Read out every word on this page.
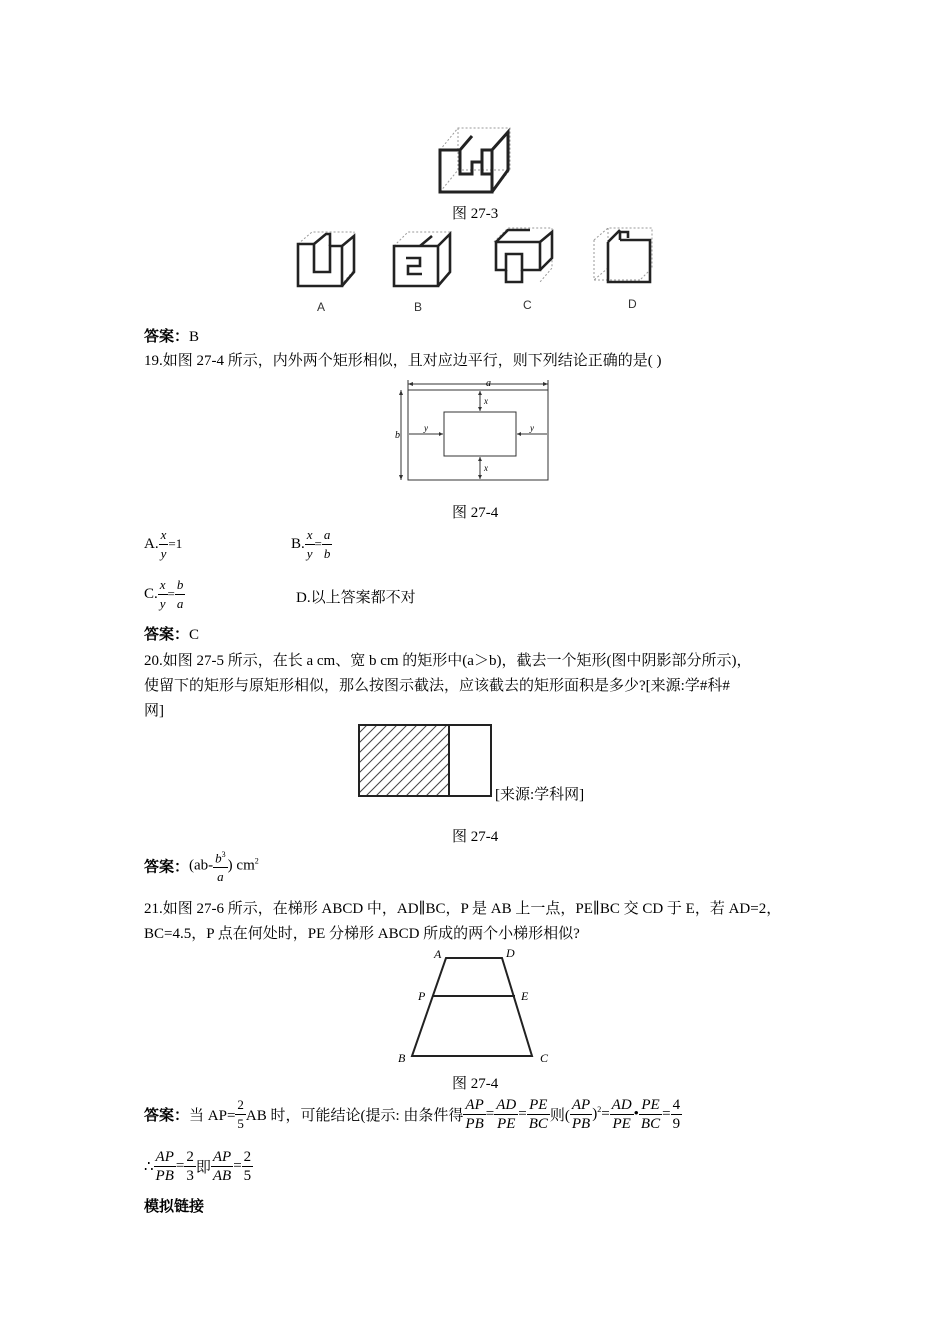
图 27-3
A	B	C	D
答案：B
19.如图 27-4 所示，内外两个矩形相似，且对应边平行，则下列结论正确的是( )
a
b
x
x
y	y
图 27-4
A. $\frac{x}{y} =1$	B. $\frac{x}{y} = \frac{a}{b}$
C. $\frac{x}{y} = \frac{b}{a}$	D.以上答案都不对
答案：C
20.如图 27-5 所示，在长 a cm、宽 b cm 的矩形中(a＞b)，截去一个矩形(图中阴影部分所示)，
使留下的矩形与原矩形相似，那么按图示截法，应该截去的矩形面积是多少?[来源:学#科#
网]
[来源:学科网]
图 27-4
答案：($ab- \frac{b^3}{a}$ ) $cm^2$
21.如图 27-6 所示，在梯形 ABCD 中，AD∥BC，P 是 AB 上一点，PE∥BC 交 CD 于 E，若 AD=2，
BC=4.5，P 点在何处时，PE 分梯形 ABCD 所成的两个小梯形相似?
A	D
P	E
B	C
图 27-4
答案：当 $AP= \frac{2}{5}$ AB 时，可能结论(提示: 由条件得 $\frac{AP}{PB} = \frac{AD}{PE} = \frac{PE}{BC}$ 则( $\frac{AP}{PB} )^2= \frac{AD}{PE}$ • $\frac{PE}{BC} = \frac{4}{9}$
∴ $\frac{AP}{PB} = \frac{2}{3}$ 即 $\frac{AP}{AB} = \frac{2}{5}$
模拟链接
